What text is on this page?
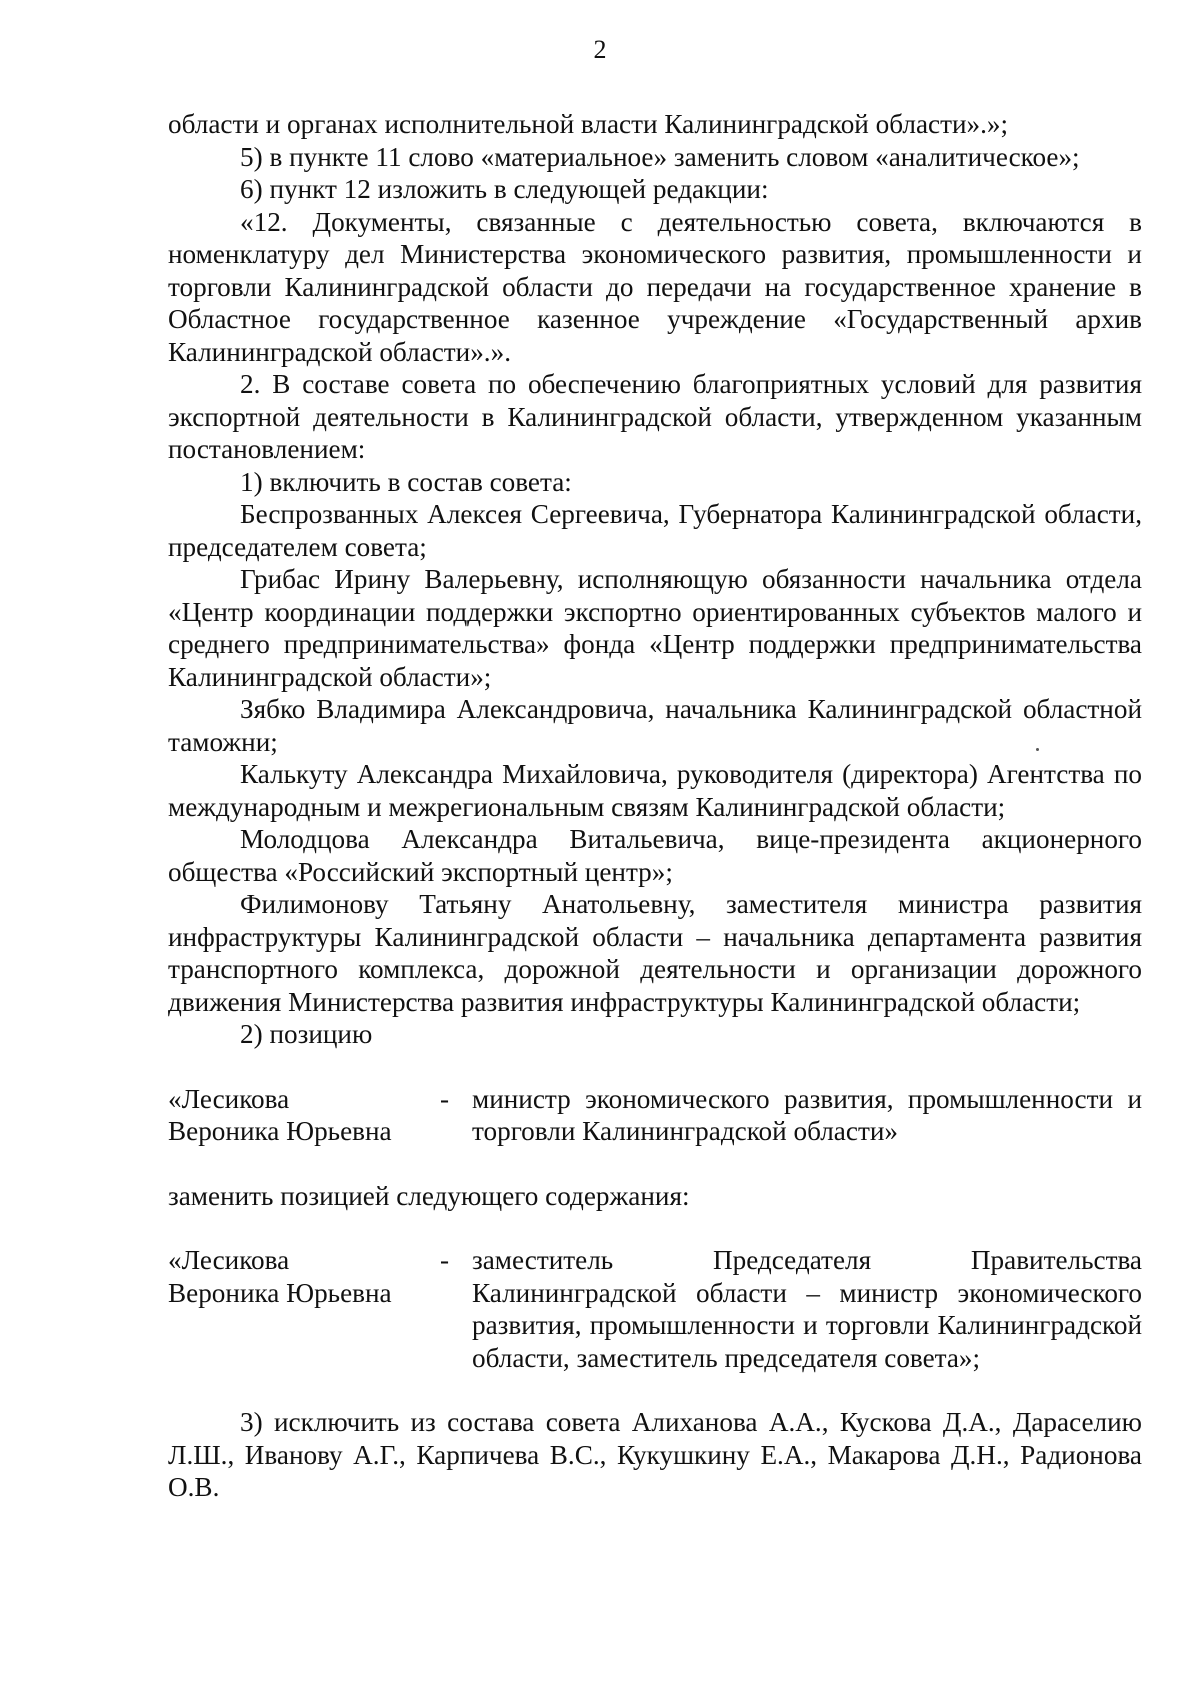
2

области и органах исполнительной власти Калининградской области».»;

5) в пункте 11 слово «материальное» заменить словом «аналитическое»;

6) пункт 12 изложить в следующей редакции:

«12. Документы, связанные с деятельностью совета, включаются в номенклатуру дел Министерства экономического развития, промышленности и торговли Калининградской области до передачи на государственное хранение в Областное государственное казенное учреждение «Государственный архив Калининградской области».».

2. В составе совета по обеспечению благоприятных условий для развития экспортной деятельности в Калининградской области, утвержденном указанным постановлением:

1) включить в состав совета:

Беспрозванных Алексея Сергеевича, Губернатора Калининградской области, председателем совета;

Грибас Ирину Валерьевну, исполняющую обязанности начальника отдела «Центр координации поддержки экспортно ориентированных субъектов малого и среднего предпринимательства» фонда «Центр поддержки предпринимательства Калининградской области»;

Зябко Владимира Александровича, начальника Калининградской областной таможни;

Калькуту Александра Михайловича, руководителя (директора) Агентства по международным и межрегиональным связям Калининградской области;

Молодцова Александра Витальевича, вице-президента акционерного общества «Российский экспортный центр»;

Филимонову Татьяну Анатольевну, заместителя министра развития инфраструктуры Калининградской области – начальника департамента развития транспортного комплекса, дорожной деятельности и организации дорожного движения Министерства развития инфраструктуры Калининградской области;

2) позицию

«Лесикова
Вероника Юрьевна
- министр экономического развития, промышленности и торговли Калининградской области»

заменить позицией следующего содержания:

«Лесикова
Вероника Юрьевна
- заместитель Председателя Правительства Калининградской области – министр экономического развития, промышленности и торговли Калининградской области, заместитель председателя совета»;

3) исключить из состава совета Алиханова А.А., Кускова Д.А., Дараселию Л.Ш., Иванову А.Г., Карпичева В.С., Кукушкину Е.А., Макарова Д.Н., Радионова О.В.
